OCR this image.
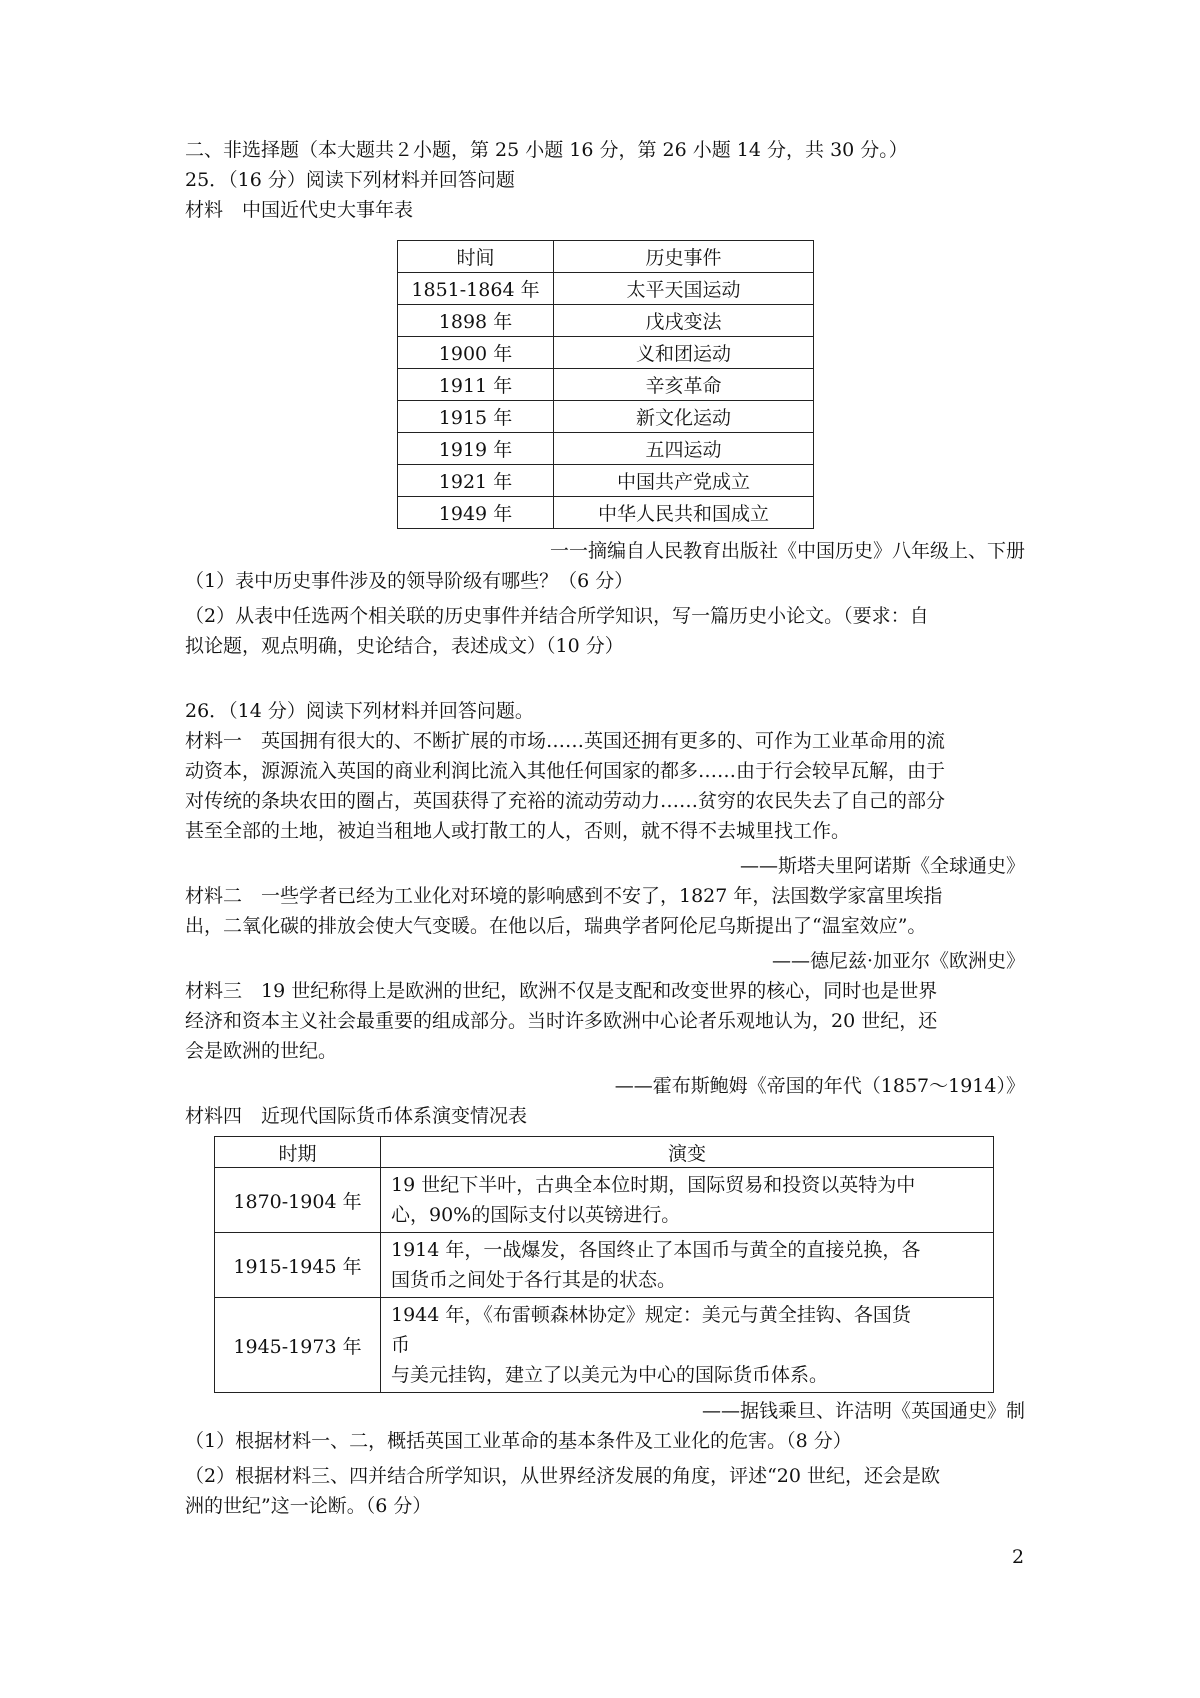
二、非选择题（本大题共２小题，第 25 小题 16 分，第 26 小题 14 分，共 30 分。）
25．（16 分）阅读下列材料并回答问题
材料　中国近代史大事年表
时间	历史事件
1851-1864 年	太平天国运动
1898 年	戊戌变法
1900 年	义和团运动
1911 年	辛亥革命
1915 年	新文化运动
1919 年	五四运动
1921 年	中国共产党成立
1949 年	中华人民共和国成立
一一摘编自人民教育出版社《中国历史》八年级上、下册
（1）表中历史事件涉及的领导阶级有哪些？（6 分）
（2）从表中任选两个相关联的历史事件并结合所学知识，写一篇历史小论文。（要求：自
拟论题，观点明确，史论结合，表述成文）（10 分）
26．（14 分）阅读下列材料并回答问题。
材料一　英国拥有很大的、不断扩展的市场……英国还拥有更多的、可作为工业革命用的流
动资本，源源流入英国的商业利润比流入其他任何国家的都多……由于行会较早瓦解，由于
对传统的条块农田的圈占，英国获得了充裕的流动劳动力……贫穷的农民失去了自己的部分
甚至全部的土地，被迫当租地人或打散工的人，否则，就不得不去城里找工作。
——斯塔夫里阿诺斯《全球通史》
材料二　一些学者已经为工业化对环境的影响感到不安了，1827 年，法国数学家富里埃指
出，二氧化碳的排放会使大气变暖。在他以后，瑞典学者阿伦尼乌斯提出了“温室效应”。
——德尼兹·加亚尔《欧洲史》
材料三　19 世纪称得上是欧洲的世纪，欧洲不仅是支配和改变世界的核心，同时也是世界
经济和资本主义社会最重要的组成部分。当时许多欧洲中心论者乐观地认为，20 世纪，还
会是欧洲的世纪。
——霍布斯鲍姆《帝国的年代（1857～1914）》
材料四　近现代国际货币体系演变情况表
时期	演变
1870-1904 年	19 世纪下半叶，古典全本位时期，国际贸易和投资以英特为中
心，90%的国际支付以英镑进行。

1915-1945 年	1914 年，一战爆发，各国终止了本国币与黄全的直接兑换，各
国货币之间处于各行其是的状态。

1945-1973 年	1944 年，《布雷顿森林协定》规定：美元与黄全挂钩、各国货
币
与美元挂钩，建立了以美元为中心的国际货币体系。
——据钱乘旦、许洁明《英国通史》制
（1）根据材料一、二，概括英国工业革命的基本条件及工业化的危害。（8 分）
（2）根据材料三、四并结合所学知识，从世界经济发展的角度，评述“20 世纪，还会是欧
洲的世纪”这一论断。（6 分）
2
